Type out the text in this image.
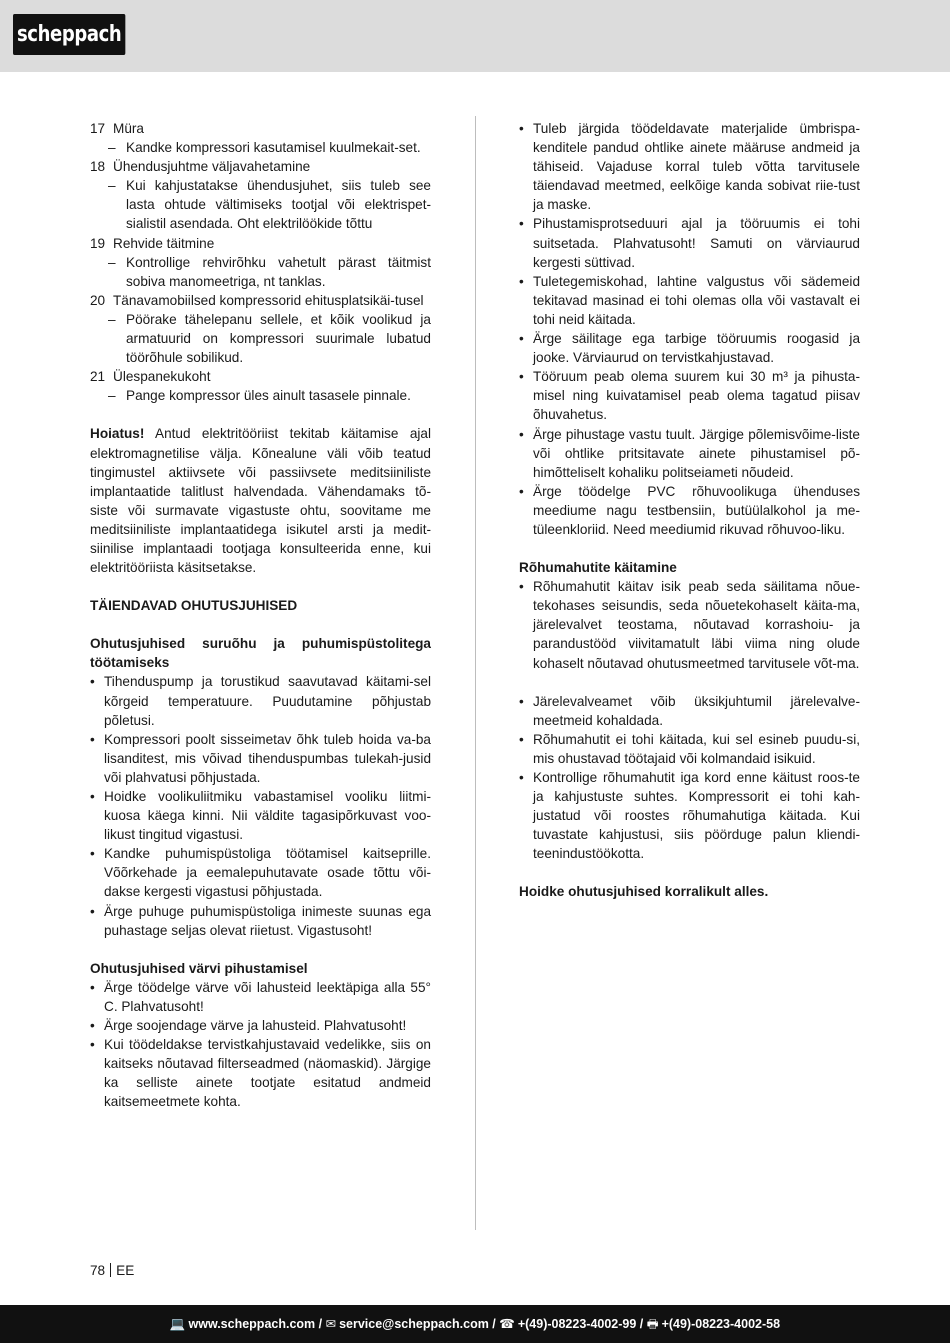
scheppach
17 Müra
– Kandke kompressori kasutamisel kuulmekait-set.
18 Ühendusjuhtme väljavahetamine
– Kui kahjustatakse ühendusjuhet, siis tuleb see lasta ohtude vältimiseks tootjal või elektrispet-sialistil asendada. Oht elektrilöökide tõttu
19 Rehvide täitmine
– Kontrollige rehvirõhku vahetult pärast täitmist sobiva manomeetriga, nt tanklas.
20 Tänavamobiilsed kompressorid ehitusplatsikäi-tusel
– Pöörake tähelepanu sellele, et kõik voolikud ja armatuurid on kompressori suurimale lubatud töörõhule sobilikud.
21 Ülespanekukoht
– Pange kompressor üles ainult tasasele pinnale.

Hoiatus! Antud elektritööriist tekitab käitamise ajal elektromagnetilise välja. Kõnealune väli võib teatud tingimustel aktiivsete või passiivsete meditsiiniliste implantaatide talitlust halvendada. Vähendamaks tõ-siste või surmavate vigastuste ohtu, soovitame me meditsiiniliste implantaatidega isikutel arsti ja medit-siinilise implantaadi tootjaga konsulteerida enne, kui elektritööriista käsitsetakse.

TÄIENDAVAD OHUTUSJUHISED

Ohutusjuhised suruõhu ja puhumispüstolitega töötamiseks

• Tihenduspump ja torustikud saavutavad käitami-sel kõrgeid temperatuure. Puudutamine põhjustab põletusi.
• Kompressori poolt sisseimetav õhk tuleb hoida va-ba lisanditest, mis võivad tihenduspumbas tulekah-jusid või plahvatusi põhjustada.
• Hoidke voolikuliitmiku vabastamisel vooliku liitmi-kuosa käega kinni. Nii väldite tagasipõrkuvast voo-likust tingitud vigastusi.
• Kandke puhumispüstoliga töötamisel kaitseprille. Võõrkehade ja eemalepuhutavate osade tõttu või-dakse kergesti vigastusi põhjustada.
• Ärge puhuge puhumispüstoliga inimeste suunas ega puhastage seljas olevat riietust. Vigastusoht!

Ohutusjuhised värvi pihustamisel

• Ärge töödelge värve või lahusteid leektäpiga alla 55° C. Plahvatusoht!
• Ärge soojendage värve ja lahusteid. Plahvatusoht!
• Kui töödeldakse tervistkahjustavaid vedelikke, siis on kaitseks nõutavad filterseadmed (näomaskid). Järgige ka selliste ainete tootjate esitatud andmeid kaitsemeetmete kohta.
• Tuleb järgida töödeldavate materjalide ümbrispa-kenditele pandud ohtlike ainete määruse andmeid ja tähiseid. Vajaduse korral tuleb võtta tarvitusele täiendavad meetmed, eelkõige kanda sobivat riie-tust ja maske.
• Pihustamisprotseduuri ajal ja tööruumis ei tohi suitsetada. Plahvatusoht! Samuti on värviaurud kergesti süttivad.
• Tuletegemiskohad, lahtine valgustus või sädemeid tekitavad masinad ei tohi olemas olla või vastavalt ei tohi neid käitada.
• Ärge säilitage ega tarbige tööruumis roogasid ja jooke. Värviaurud on tervistkahjustavad.
• Tööruum peab olema suurem kui 30 m³ ja pihusta-misel ning kuivatamisel peab olema tagatud piisav õhuvahetus.
• Ärge pihustage vastu tuult. Järgige põlemisvõime-liste või ohtlike pritsitavate ainete pihustamisel põ-himõtteliselt kohaliku politseiameti nõudeid.
• Ärge töödelge PVC rõhuvoolikuga ühenduses meediume nagu testbensiin, butüülalkohol ja me-tüleenkloriid. Need meediumid rikuvad rõhuvoo-liku.

Rõhumahutite käitamine

• Rõhumahutit käitav isik peab seda säilitama nõue-tekohases seisundis, seda nõuetekohaselt käita-ma, järelevalvet teostama, nõutavad korrashoiu- ja parandustööd viivitamatult läbi viima ning olude kohaselt nõutavad ohutusmeetmed tarvitusele võt-ma.
• Järelevalveamet võib üksikjuhtumil järelevalve-meetmeid kohaldada.
• Rõhumahutit ei tohi käitada, kui sel esineb puudu-si, mis ohustavad töötajaid või kolmandaid isikuid.
• Kontrollige rõhumahutit iga kord enne käitust roos-te ja kahjustuste suhtes. Kompressorit ei tohi kah-justatud või roostes rõhumahutiga käitada. Kui tuvastate kahjustusi, siis pöörduge palun kliendi-teenindustöökotta.

Hoidke ohutusjuhised korralikult alles.

78 EE
💻 www.scheppach.com / ✉ service@scheppach.com / ☎ +(49)-08223-4002-99 / 🖶 +(49)-08223-4002-58
